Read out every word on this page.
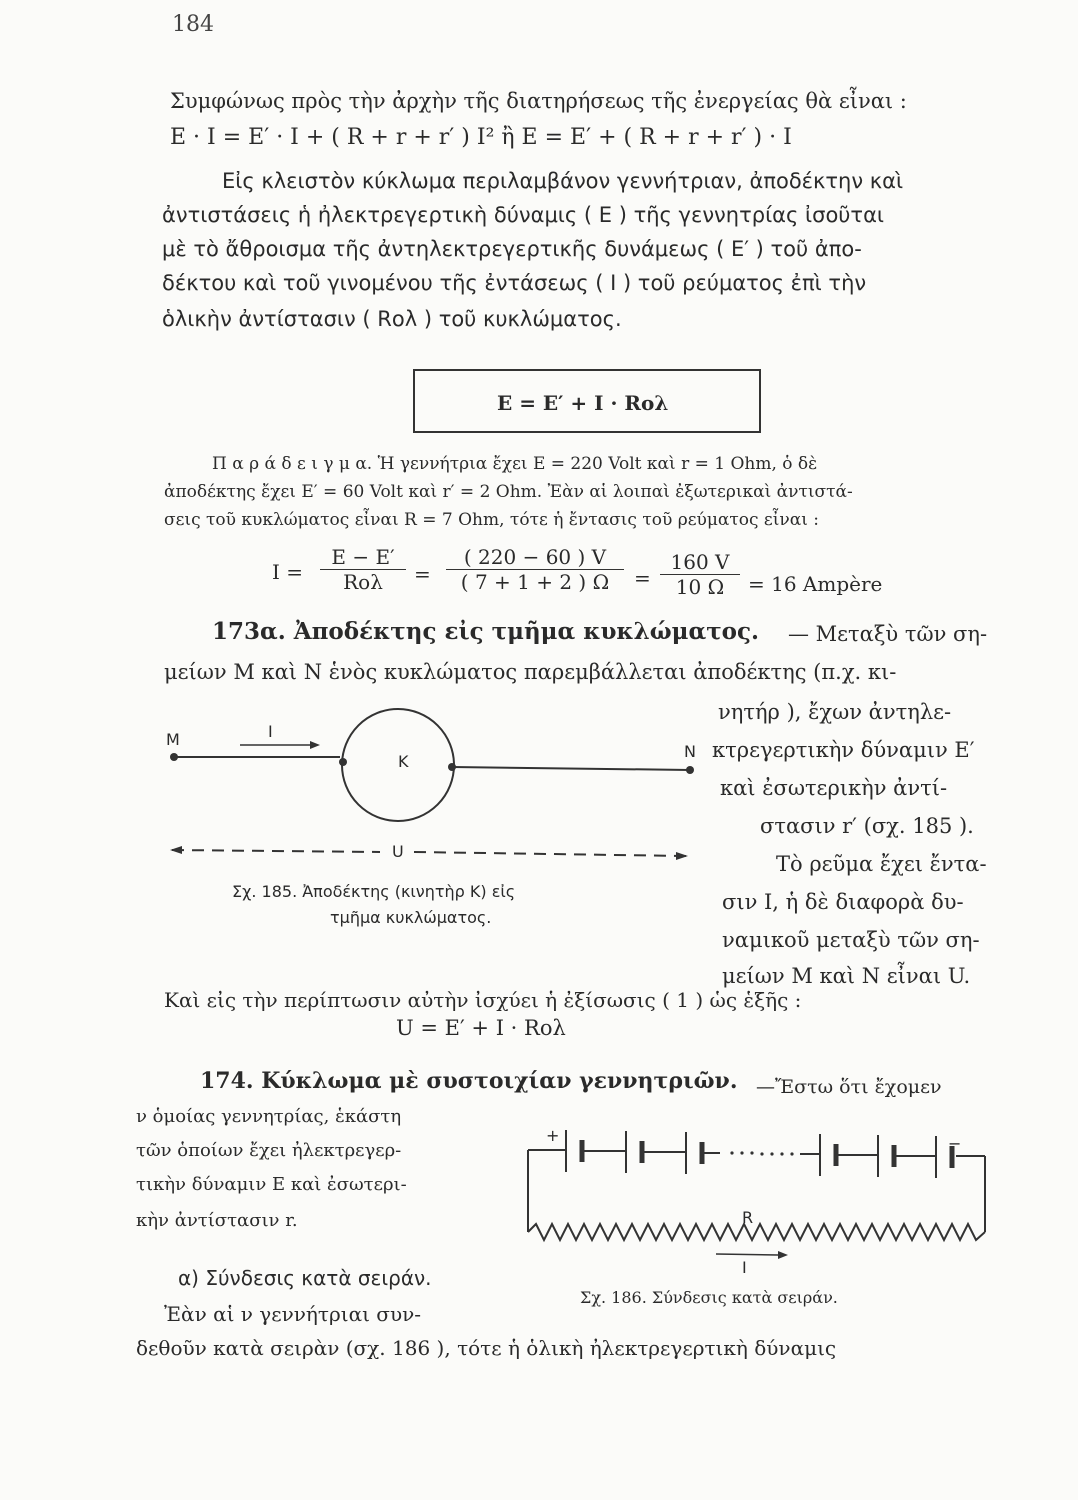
184
Συμφώνως πρὸς τὴν ἀρχὴν τῆς διατηρήσεως τῆς ἐνεργείας θὰ εἶναι :
E · I = E′ · I + ( R + r + r′ ) I² ἢ E = E′ + ( R + r + r′ ) · I
Εἰς κλειστὸν κύκλωμα περιλαμβάνον γεννήτριαν, ἀποδέκτην καὶ
ἀντιστάσεις ἡ ἠλεκτρεγερτικὴ δύναμις ( E ) τῆς γεννητρίας ἰσοῦται
μὲ τὸ ἄθροισμα τῆς ἀντηλεκτρεγερτικῆς δυνάμεως ( E′ ) τοῦ ἀπο-
δέκτου καὶ τοῦ γινομένου τῆς ἐντάσεως ( I ) τοῦ ρεύματος ἐπὶ τὴν
ὁλικὴν ἀντίστασιν ( Rολ ) τοῦ κυκλώματος.
E = E′ + I · Rολ
Π α ρ ά δ ε ι γ μ α. Ἡ γεννήτρια ἔχει E = 220 Volt καὶ r = 1 Ohm, ὁ δὲ
ἀποδέκτης ἔχει E′ = 60 Volt καὶ r′ = 2 Ohm. Ἐὰν αἱ λοιπαὶ ἐξωτερικαὶ ἀντιστά-
σεις τοῦ κυκλώματος εἶναι R = 7 Ohm, τότε ἡ ἔντασις τοῦ ρεύματος εἶναι :
I =
E − E′
Rολ	= $\frac{( 220 - 60 ) V}{( 7 + 1 + 2 ) \Omega} = \frac{160 V}{10 \Omega} = 16$ Ampère
173α. Ἀποδέκτης εἰς τμῆμα κυκλώματος. — Μεταξὺ τῶν ση-
μείων M καὶ N ἑνὸς κυκλώματος παρεμβάλλεται ἀποδέκτης (π.χ. κι-
νητήρ ), ἔχων ἀντηλε-
κτρεγερτικὴν δύναμιν E′
καὶ ἐσωτερικὴν ἀντί-
στασιν r′ (σχ. 185 ).
Τὸ ρεῦμα ἔχει ἔντα-
σιν I, ἡ δὲ διαφορὰ δυ-
ναμικοῦ μεταξὺ τῶν ση-
μείων M καὶ N εἶναι U.
M	I
K
N
U
Σχ. 185. Ἀποδέκτης (κινητὴρ K) εἰς
τμῆμα κυκλώματος.
Καὶ εἰς τὴν περίπτωσιν αὐτὴν ἰσχύει ἡ ἐξίσωσις ( 1 ) ὡς ἑξῆς :
U = E′ + I · Rολ
174. Κύκλωμα μὲ συστοιχίαν γεννητριῶν. —Ἔστω ὅτι ἔχομεν
ν ὁμοίας γεννητρίας, ἑκάστη
τῶν ὁποίων ἔχει ἠλεκτρεγερ-
τικὴν δύναμιν E καὶ ἐσωτερι-
κὴν ἀντίστασιν r.
+	−
R
I
α) Σύνδεσις κατὰ σειράν.
Σχ. 186. Σύνδεσις κατὰ σειράν.
Ἐὰν αἱ ν γεννήτριαι συν-
δεθοῦν κατὰ σειρὰν (σχ. 186 ), τότε ἡ ὁλικὴ ἠλεκτρεγερτικὴ δύναμις
